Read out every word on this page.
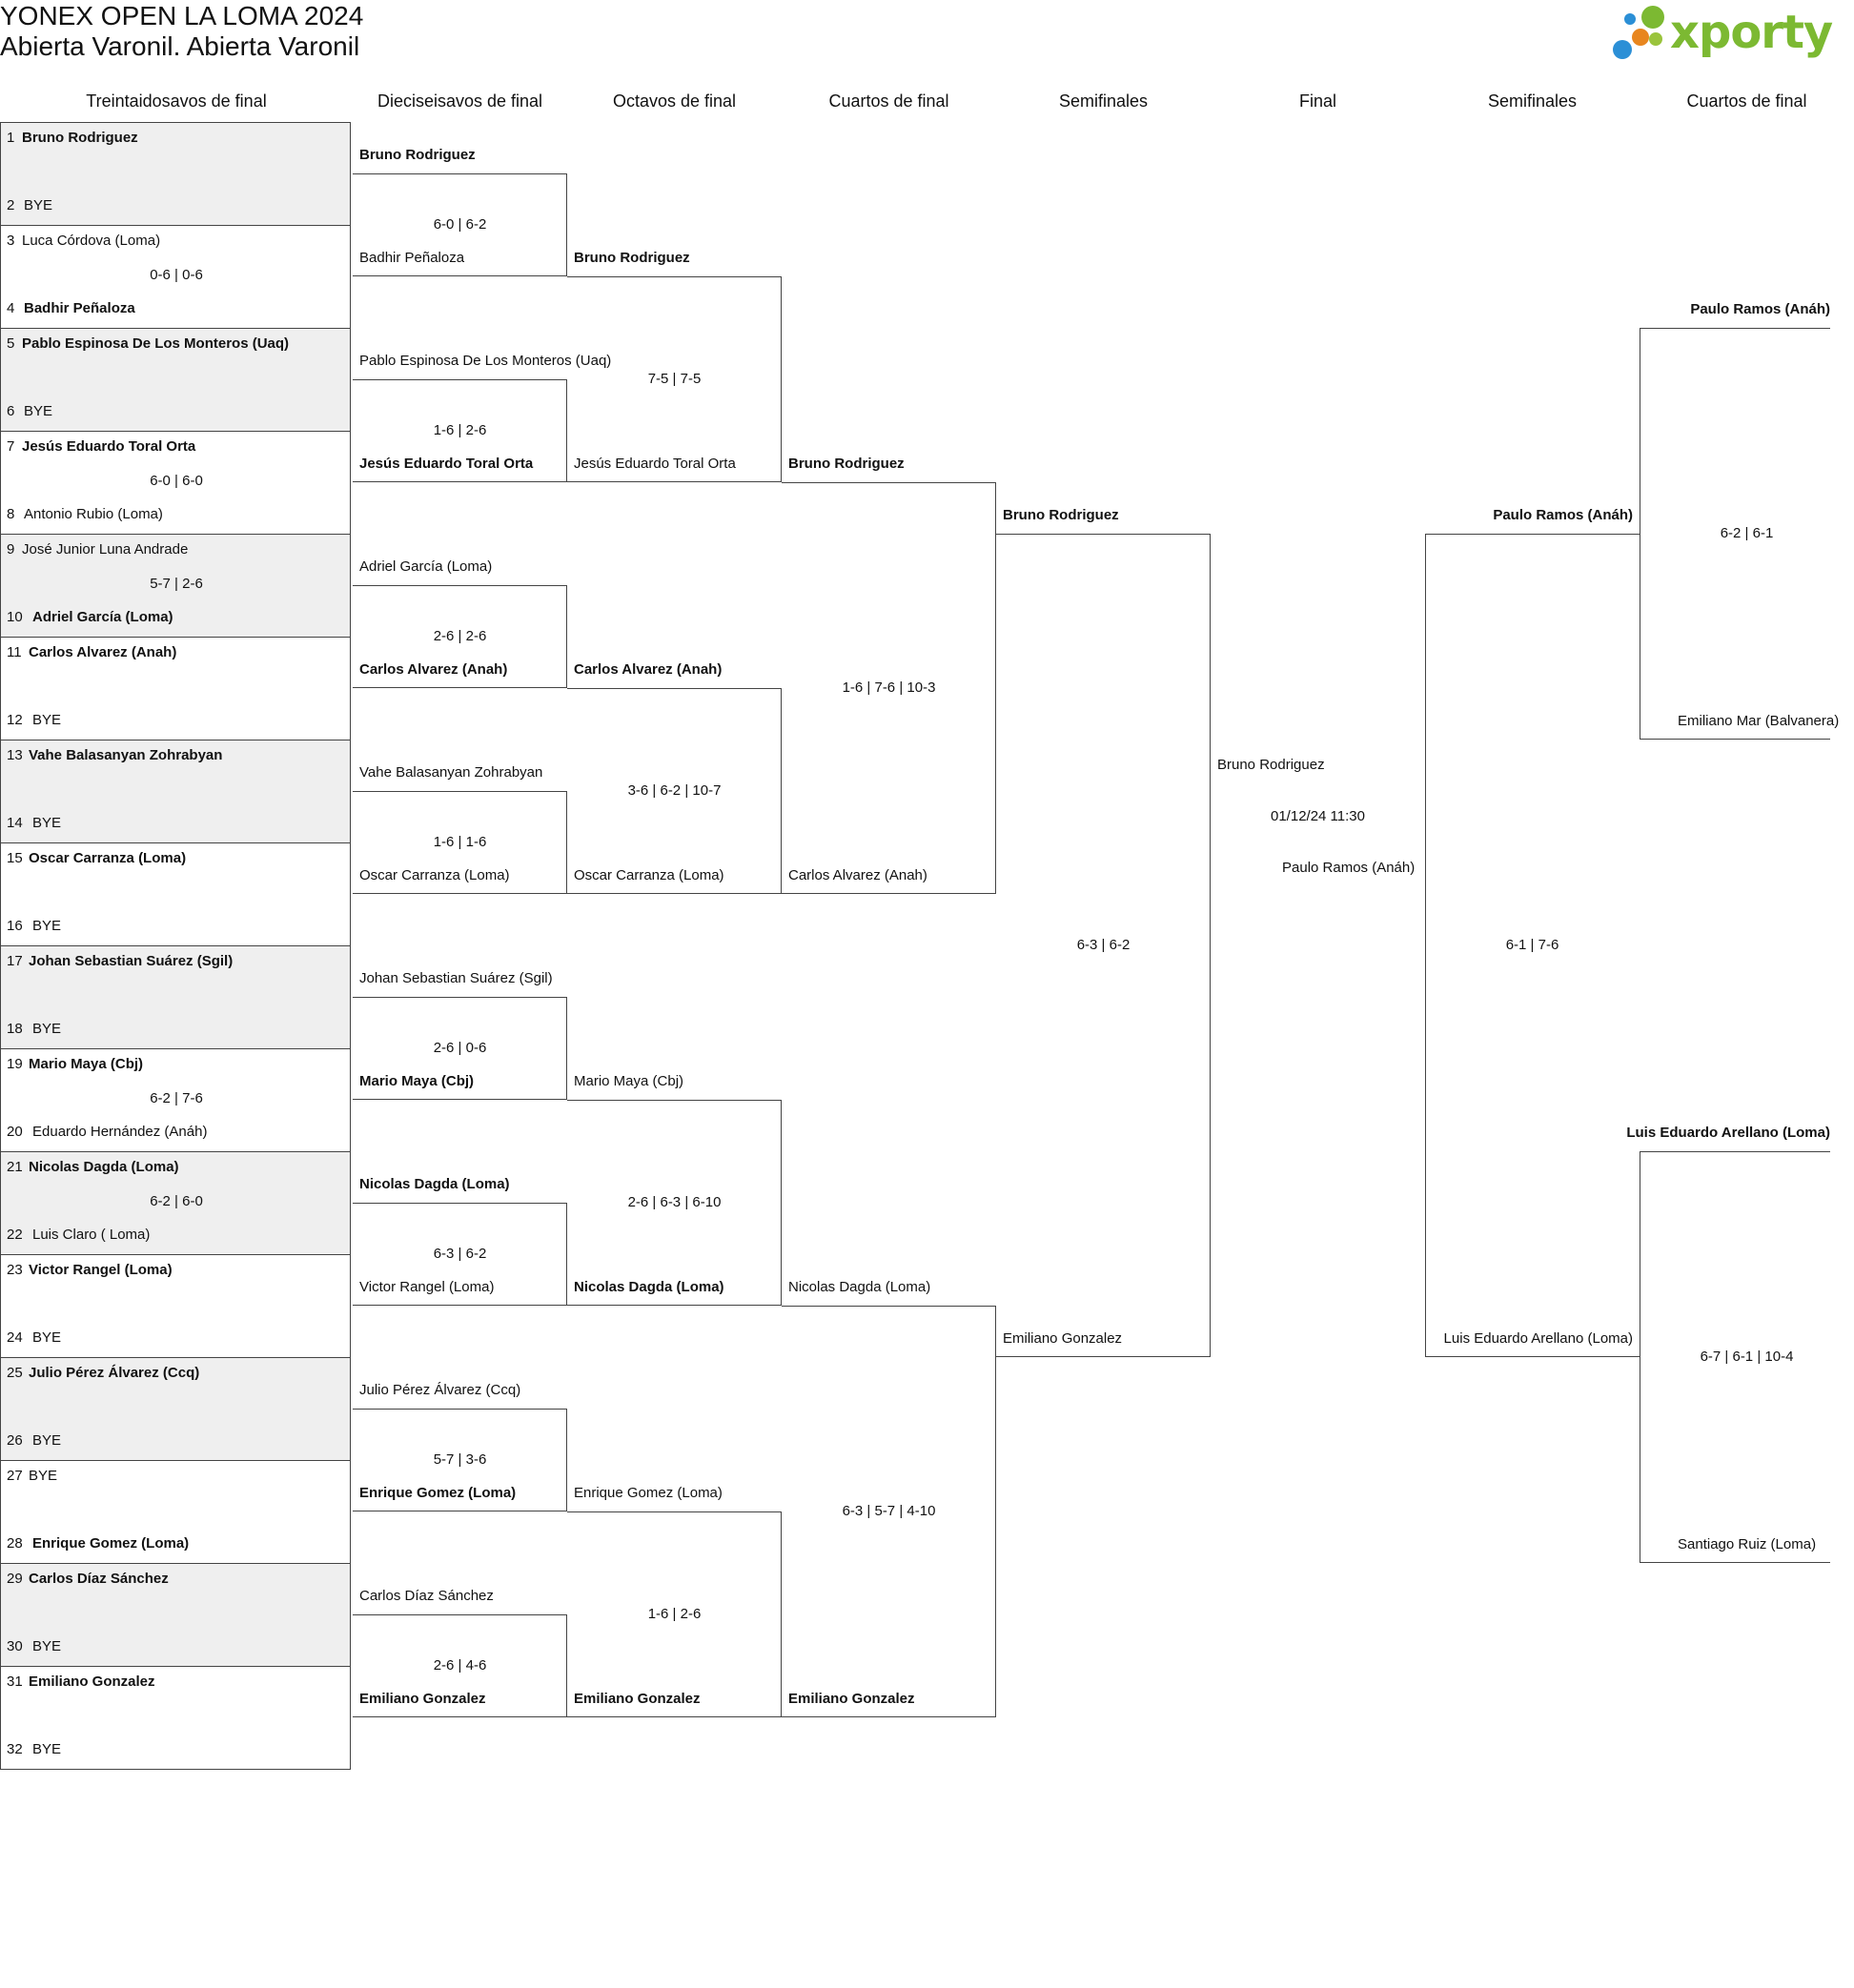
YONEX OPEN LA LOMA 2024
Abierta Varonil. Abierta Varonil	xporty
Treintaidosavos de final	Dieciseisavos de final	Octavos de final	Cuartos de final	Semifinales	Final	Semifinales	Cuartos de final
1 Bruno Rodriguez
2 BYE
3 Luca Córdova (Loma)
4 Badhir Peñaloza
0-6 | 0-6
5 Pablo Espinosa De Los Monteros (Uaq)
6 BYE
7 Jesús Eduardo Toral Orta
8 Antonio Rubio (Loma)
6-0 | 6-0
9 José Junior Luna Andrade
10 Adriel García (Loma)
5-7 | 2-6
11 Carlos Alvarez (Anah)
12 BYE
13 Vahe Balasanyan Zohrabyan
14 BYE
15 Oscar Carranza (Loma)
16 BYE
17 Johan Sebastian Suárez (Sgil)
18 BYE
19 Mario Maya (Cbj)
20 Eduardo Hernández (Anáh)
6-2 | 7-6
21 Nicolas Dagda (Loma)
22 Luis Claro ( Loma)
6-2 | 6-0
23 Victor Rangel (Loma)
24 BYE
25 Julio Pérez Álvarez (Ccq)
26 BYE
27 BYE
28 Enrique Gomez (Loma)
29 Carlos Díaz Sánchez
30 BYE
31 Emiliano Gonzalez
32 BYE
Bruno Rodriguez
6-0 | 6-2
Badhir Peñaloza
Pablo Espinosa De Los Monteros (Uaq)
1-6 | 2-6
Jesús Eduardo Toral Orta
Adriel García (Loma)
2-6 | 2-6
Carlos Alvarez (Anah)
Vahe Balasanyan Zohrabyan
1-6 | 1-6
Oscar Carranza (Loma)
Johan Sebastian Suárez (Sgil)
2-6 | 0-6
Mario Maya (Cbj)
Nicolas Dagda (Loma)
6-3 | 6-2
Victor Rangel (Loma)
Julio Pérez Álvarez (Ccq)
5-7 | 3-6
Enrique Gomez (Loma)
Carlos Díaz Sánchez
2-6 | 4-6
Emiliano Gonzalez
Bruno Rodriguez
7-5 | 7-5
Jesús Eduardo Toral Orta
Carlos Alvarez (Anah)
3-6 | 6-2 | 10-7
Oscar Carranza (Loma)
Mario Maya (Cbj)
2-6 | 6-3 | 6-10
Nicolas Dagda (Loma)
Enrique Gomez (Loma)
1-6 | 2-6
Emiliano Gonzalez
Bruno Rodriguez
1-6 | 7-6 | 10-3
Carlos Alvarez (Anah)
Nicolas Dagda (Loma)
6-3 | 5-7 | 4-10
Emiliano Gonzalez
Bruno Rodriguez
6-3 | 6-2
Emiliano Gonzalez
Bruno Rodriguez
01/12/24 11:30
Paulo Ramos (Anáh)
Paulo Ramos (Anáh)
6-1 | 7-6
Luis Eduardo Arellano (Loma)
Paulo Ramos (Anáh)
6-2 | 6-1
Emiliano Mar (Balvanera)
Luis Eduardo Arellano (Loma)
6-7 | 6-1 | 10-4
Santiago Ruiz (Loma)
